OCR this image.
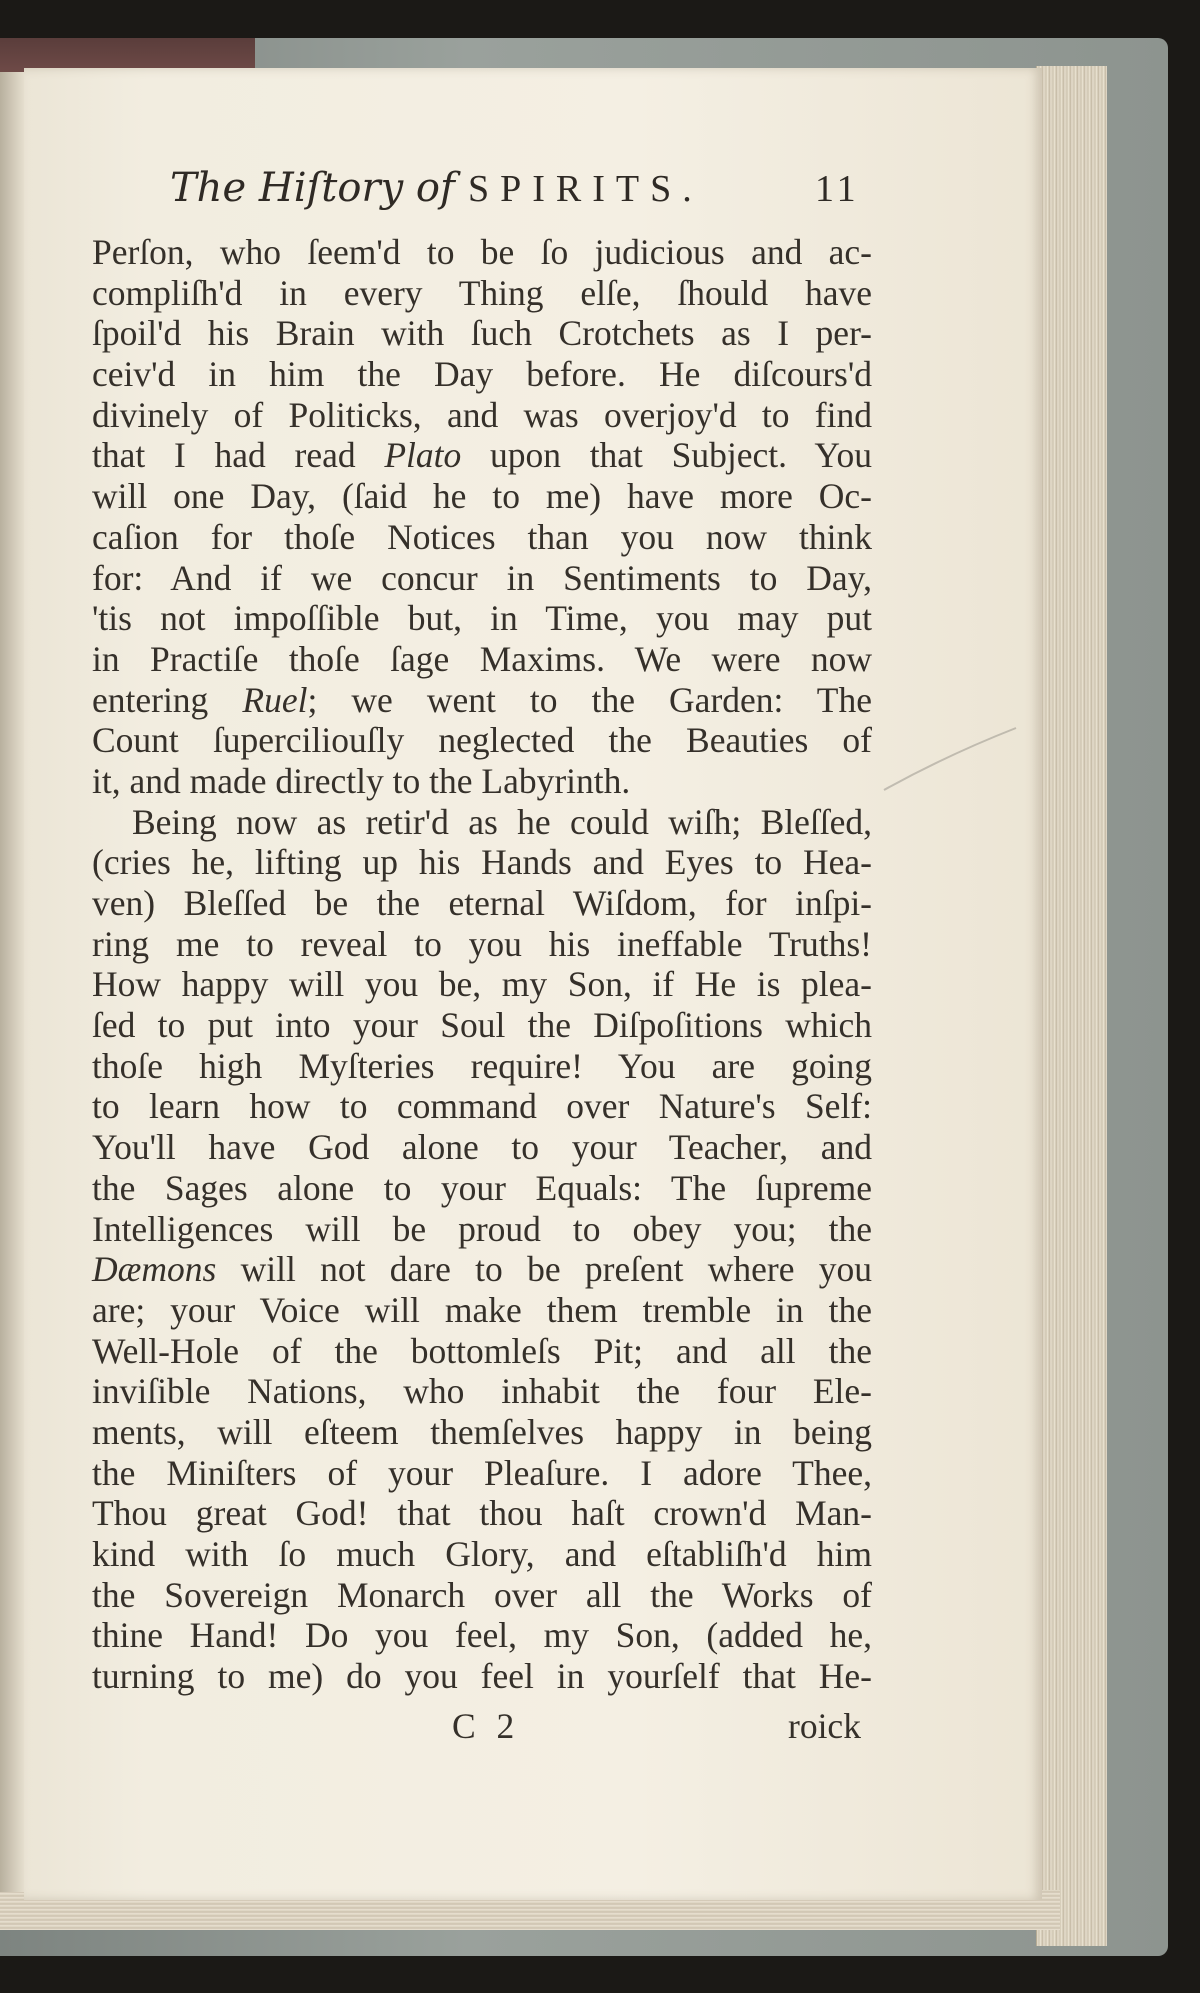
The Hiſtory of SPIRITS.	11
Perſon, who ſeem'd to be ſo judicious and ac-
compliſh'd in every Thing elſe, ſhould have
ſpoil'd his Brain with ſuch Crotchets as I per-
ceiv'd in him the Day before. He diſcours'd
divinely of Politicks, and was overjoy'd to find
that I had read Plato upon that Subject. You
will one Day, (ſaid he to me) have more Oc-
caſion for thoſe Notices than you now think
for: And if we concur in Sentiments to Day,
'tis not impoſſible but, in Time, you may put
in Practiſe thoſe ſage Maxims. We were now
entering Ruel; we went to the Garden: The
Count ſuperciliouſly neglected the Beauties of
it, and made directly to the Labyrinth.
Being now as retir'd as he could wiſh; Bleſſed,
(cries he, lifting up his Hands and Eyes to Hea-
ven) Bleſſed be the eternal Wiſdom, for inſpi-
ring me to reveal to you his ineffable Truths!
How happy will you be, my Son, if He is plea-
ſed to put into your Soul the Diſpoſitions which
thoſe high Myſteries require! You are going
to learn how to command over Nature's Self:
You'll have God alone to your Teacher, and
the Sages alone to your Equals: The ſupreme
Intelligences will be proud to obey you; the
Dæmons will not dare to be preſent where you
are; your Voice will make them tremble in the
Well-Hole of the bottomleſs Pit; and all the
inviſible Nations, who inhabit the four Ele-
ments, will eſteem themſelves happy in being
the Miniſters of your Pleaſure. I adore Thee,
Thou great God! that thou haſt crown'd Man-
kind with ſo much Glory, and eſtabliſh'd him
the Sovereign Monarch over all the Works of
thine Hand! Do you feel, my Son, (added he,
turning to me) do you feel in yourſelf that He-
C 2	roick
